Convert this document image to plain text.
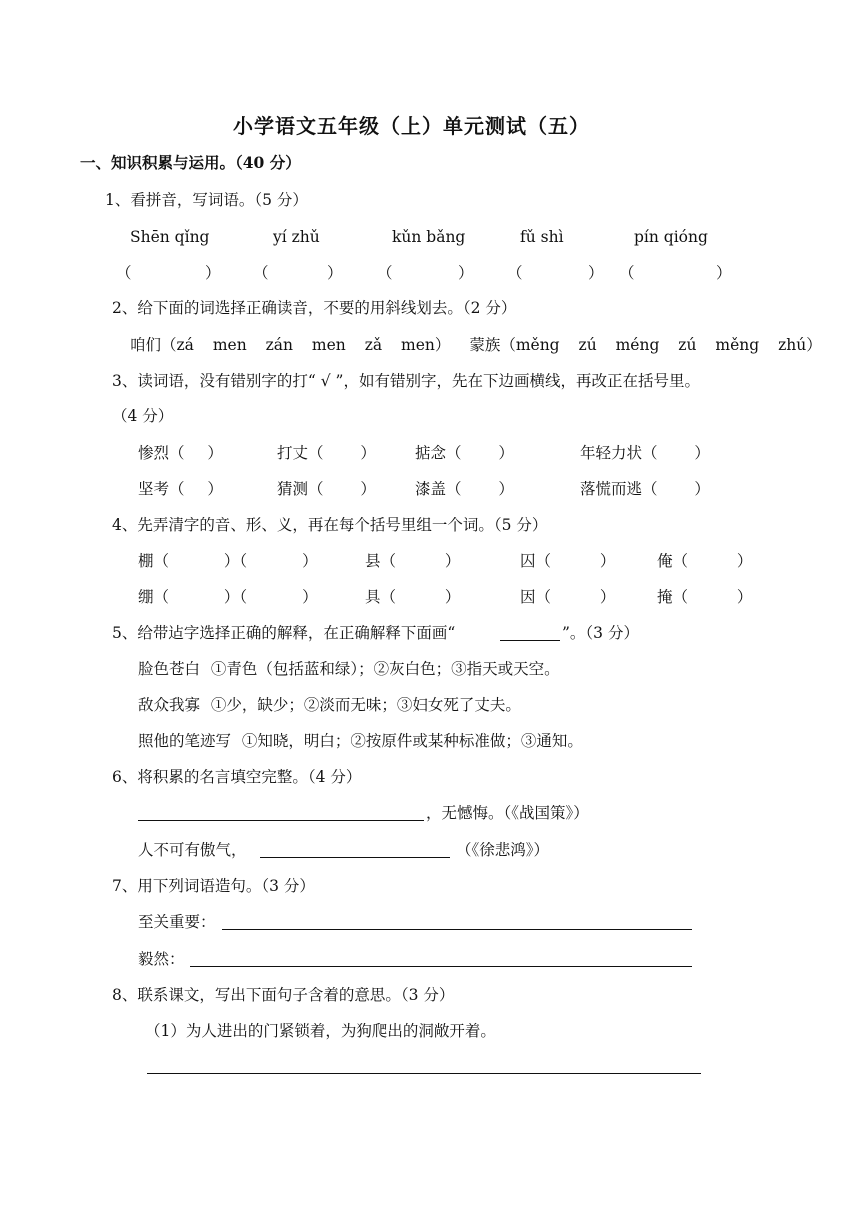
小学语文五年级（上）单元测试（五）
一、知识积累与运用。（40 分）
1、看拼音，写词语。（5 分）
Shēn qǐng	yí zhǔ	kǔn bǎng	fǔ shì	pín qióng
（	） （	） （	） （	） （	）
2、给下面的词选择正确读音，不要的用斜线划去。（2 分）
咱们（zá men zán men zǎ men） 蒙族（měng zú méng zú měng zhú）
3、读词语，没有错别字的打“ √ ”，如有错别字，先在下边画横线，再改正在括号里。
（4 分）
惨烈（ ）	打丈（ ）	掂念（ ）	年轻力状（ ）
坚考（ ）	猜测（ ）	漆盖（ ）	落慌而逃（ ）
4、先弄清字的音、形、义，再在每个括号里组一个词。（5 分）
棚（ ）（ ）	县（ ）	囚（ ）	俺（ ）
绷（ ）（ ）	具（ ）	因（ ）	掩（ ）
5、给带迠字选择正确的解释，在正确解释下面画“	”。（3 分）
脸色苍白 ①青色（包括蓝和绿）；②灰白色；③指天或天空。
敌众我寡 ①少，缺少；②淡而无味；③妇女死了丈夫。
照他的笔迹写 ①知晓，明白；②按原件或某种标准做；③通知。
6、将积累的名言填空完整。（4 分）
，无憾悔。（《战国策》）
人不可有傲气，	（《徐悲鸿》）
7、用下列词语造句。（3 分）
至关重要：
毅然：
8、联系课文，写出下面句子含着的意思。（3 分）
（1）为人进出的门紧锁着，为狗爬出的洞敞开着。
